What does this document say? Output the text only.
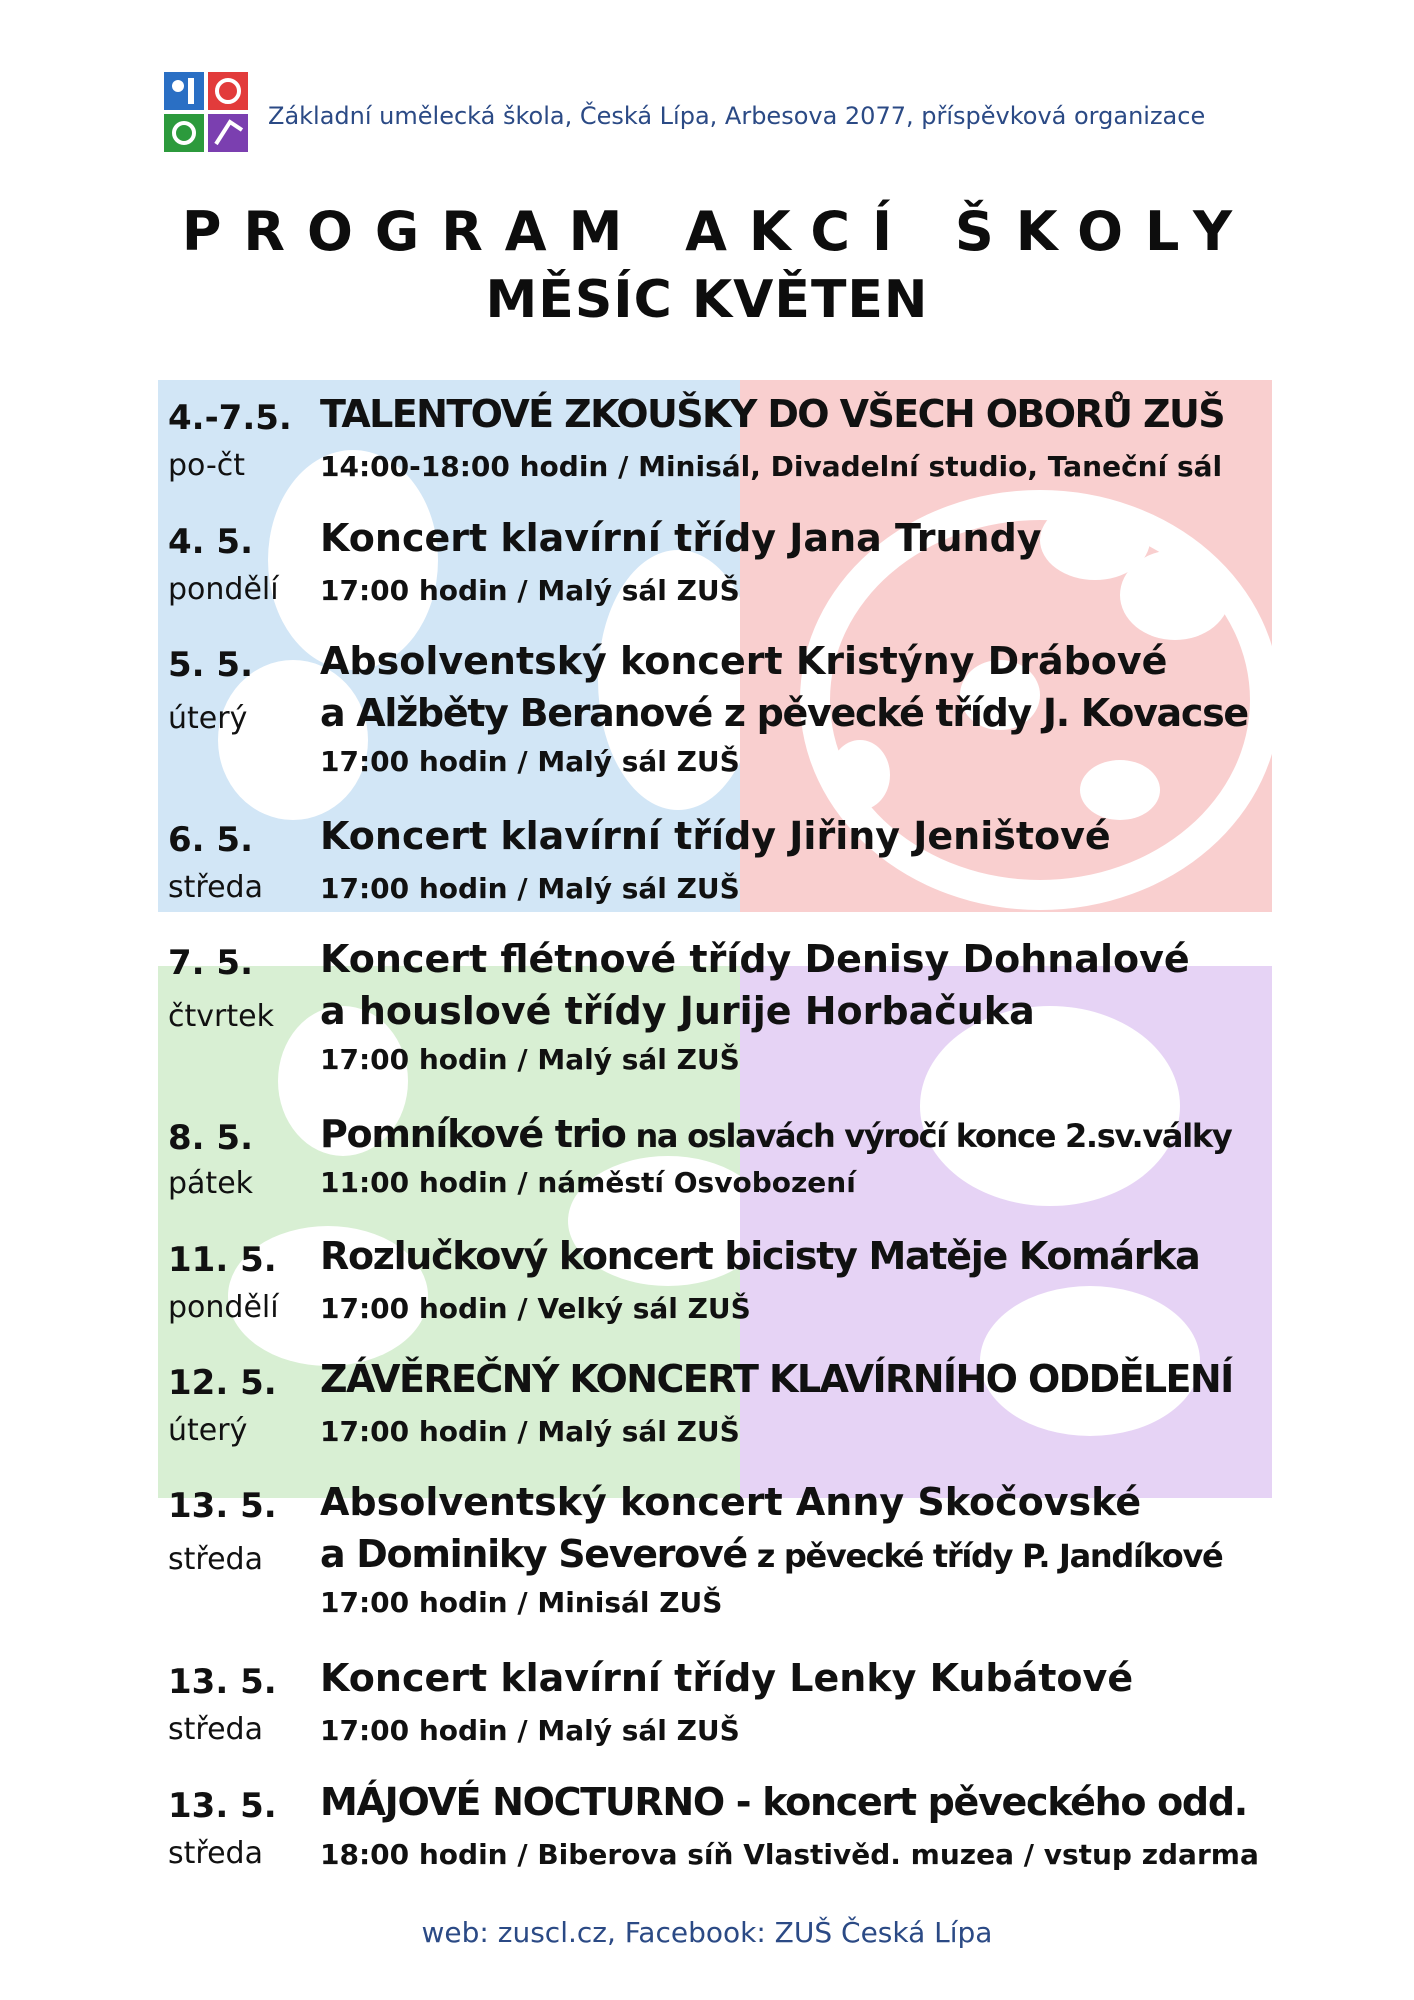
Základní umělecká škola, Česká Lípa, Arbesova 2077, příspěvková organizace
PROGRAM AKCÍ ŠKOLY
MĚSÍC KVĚTEN
4.-7.5. TALENTOVÉ ZKOUŠKY DO VŠECH OBORŮ ZUŠ
po-čt	14:00-18:00 hodin / Minisál, Divadelní studio, Taneční sál
4. 5. Koncert klavírní třídy Jana Trundy
pondělí 17:00 hodin / Malý sál ZUŠ
5. 5. Absolventský koncert Kristýny Drábové
úterý a Alžběty Beranové z pěvecké třídy J. Kovacse
17:00 hodin / Malý sál ZUŠ
6. 5. Koncert klavírní třídy Jiřiny Jeništové
středa 17:00 hodin / Malý sál ZUŠ
7. 5. Koncert flétnové třídy Denisy Dohnalové
čtvrtek a houslové třídy Jurije Horbačuka
17:00 hodin / Malý sál ZUŠ
8. 5. Pomníkové trio na oslavách výročí konce 2.sv.války
pátek 11:00 hodin / náměstí Osvobození
11. 5. Rozlučkový koncert bicisty Matěje Komárka
pondělí 17:00 hodin / Velký sál ZUŠ
12. 5. ZÁVĚREČNÝ KONCERT KLAVÍRNÍHO ODDĚLENÍ
úterý	17:00 hodin / Malý sál ZUŠ
13. 5. Absolventský koncert Anny Skočovské
středa a Dominiky Severové z pěvecké třídy P. Jandíkové
17:00 hodin / Minisál ZUŠ
13. 5. Koncert klavírní třídy Lenky Kubátové
středa 17:00 hodin / Malý sál ZUŠ
13. 5. MÁJOVÉ NOCTURNO - koncert pěveckého odd.
středa 18:00 hodin / Biberova síň Vlastivěd. muzea / vstup zdarma
web: zuscl.cz, Facebook: ZUŠ Česká Lípa
